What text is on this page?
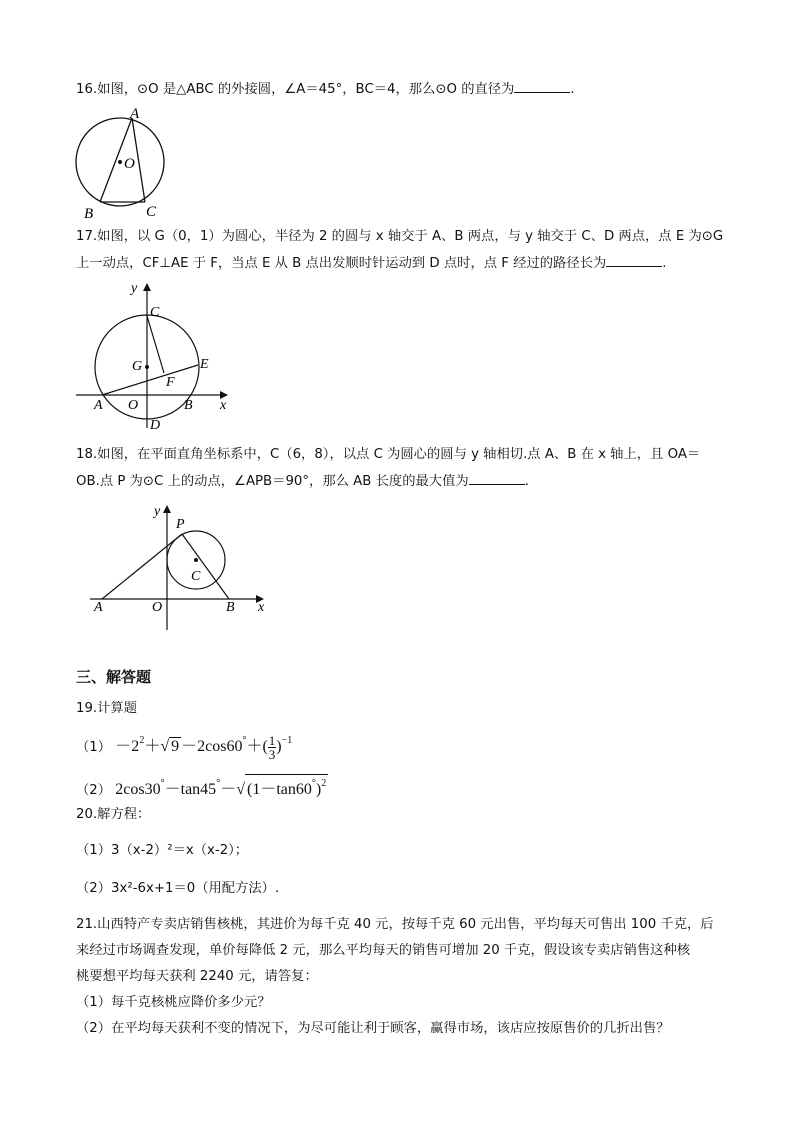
16.如图，⊙O 是△ABC 的外接圆，∠A＝45°，BC＝4，那么⊙O 的直径为	.
A
O
B	C
17.如图，以 G（0，1）为圆心，半径为 2 的圆与 x 轴交于 A、B 两点，与 y 轴交于 C、D 两点，点 E 为⊙G
上一动点，CF⊥AE 于 F，当点 E 从 B 点出发顺时针运动到 D 点时，点 F 经过的路径长为	.
y
x
C
G
F
E
A O	B
D
18.如图，在平面直角坐标系中，C（6，8），以点 C 为圆心的圆与 y 轴相切.点 A、B 在 x 轴上，且 OA＝
OB.点 P 为⊙C 上的动点，∠APB＝90°，那么 AB 长度的最大值为	.
y
P
C
A	O	B x
三、解答题
19.计算题
$(1) -2^2+√$ $9 -2\cos 60^\circ+( \frac{1}{3} )^{-1}$
（2） 2cos30°－tan45°－√ $(1-\tan 60^\circ)^2$
20.解方程：
（1）3（x-2）²＝x（x-2）；
（2）3x²-6x+1＝0（用配方法）.
21.山西特产专卖店销售核桃，其进价为每千克 40 元，按每千克 60 元出售，平均每天可售出 100 千克，后
来经过市场调查发现，单价每降低 2 元，那么平均每天的销售可增加 20 千克，假设该专卖店销售这种核
桃要想平均每天获利 2240 元，请答复：
（1）每千克核桃应降价多少元？
（2）在平均每天获利不变的情况下，为尽可能让利于顾客，赢得市场，该店应按原售价的几折出售？
